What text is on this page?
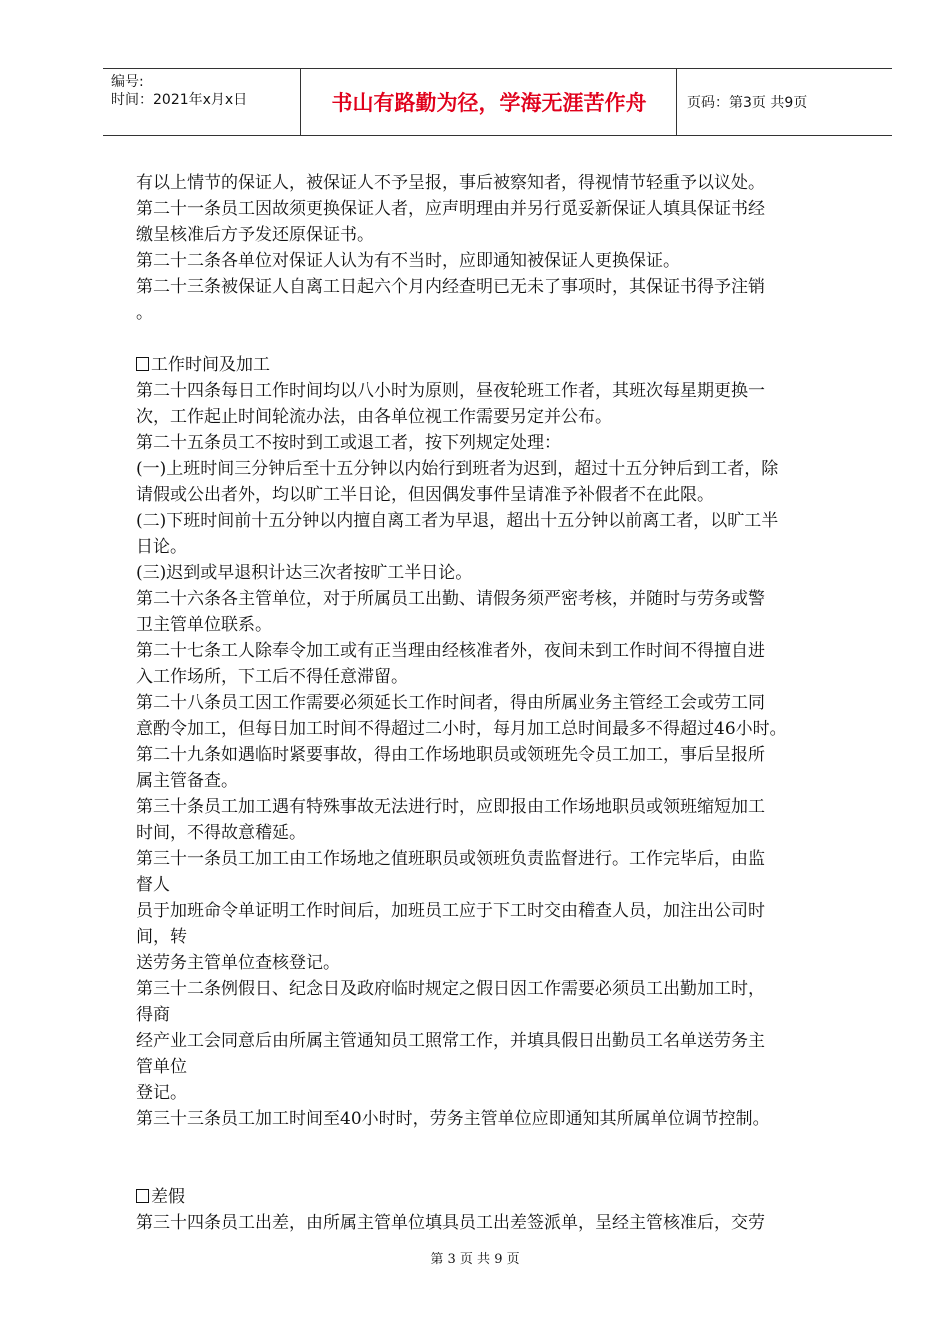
编号:
时间：2021年x月x日	书山有路勤为径，学海无涯苦作舟	页码：第3页 共9页
有以上情节的保证人，被保证人不予呈报，事后被察知者，得视情节轻重予以议处。
第二十一条员工因故须更换保证人者，应声明理由并另行觅妥新保证人填具保证书经
缴呈核准后方予发还原保证书。
第二十二条各单位对保证人认为有不当时，应即通知被保证人更换保证。
第二十三条被保证人自离工日起六个月内经查明已无未了事项时，其保证书得予注销
。
工作时间及加工
第二十四条每日工作时间均以八小时为原则，昼夜轮班工作者，其班次每星期更换一
次，工作起止时间轮流办法，由各单位视工作需要另定并公布。
第二十五条员工不按时到工或退工者，按下列规定处理：
(一)上班时间三分钟后至十五分钟以内始行到班者为迟到，超过十五分钟后到工者，除
请假或公出者外，均以旷工半日论，但因偶发事件呈请准予补假者不在此限。
(二)下班时间前十五分钟以内擅自离工者为早退，超出十五分钟以前离工者，以旷工半
日论。
(三)迟到或早退积计达三次者按旷工半日论。
第二十六条各主管单位，对于所属员工出勤、请假务须严密考核，并随时与劳务或警
卫主管单位联系。
第二十七条工人除奉令加工或有正当理由经核准者外，夜间未到工作时间不得擅自进
入工作场所，下工后不得任意滞留。
第二十八条员工因工作需要必须延长工作时间者，得由所属业务主管经工会或劳工同
意酌令加工，但每日加工时间不得超过二小时，每月加工总时间最多不得超过46小时。
第二十九条如遇临时紧要事故，得由工作场地职员或领班先令员工加工，事后呈报所
属主管备查。
第三十条员工加工遇有特殊事故无法进行时，应即报由工作场地职员或领班缩短加工
时间，不得故意稽延。
第三十一条员工加工由工作场地之值班职员或领班负责监督进行。工作完毕后，由监
督人
员于加班命令单证明工作时间后，加班员工应于下工时交由稽查人员，加注出公司时
间，转
送劳务主管单位查核登记。
第三十二条例假日、纪念日及政府临时规定之假日因工作需要必须员工出勤加工时，
得商
经产业工会同意后由所属主管通知员工照常工作，并填具假日出勤员工名单送劳务主
管单位
登记。
第三十三条员工加工时间至40小时时，劳务主管单位应即通知其所属单位调节控制。
差假
第三十四条员工出差，由所属主管单位填具员工出差签派单，呈经主管核准后，交劳
第 3 页 共 9 页
